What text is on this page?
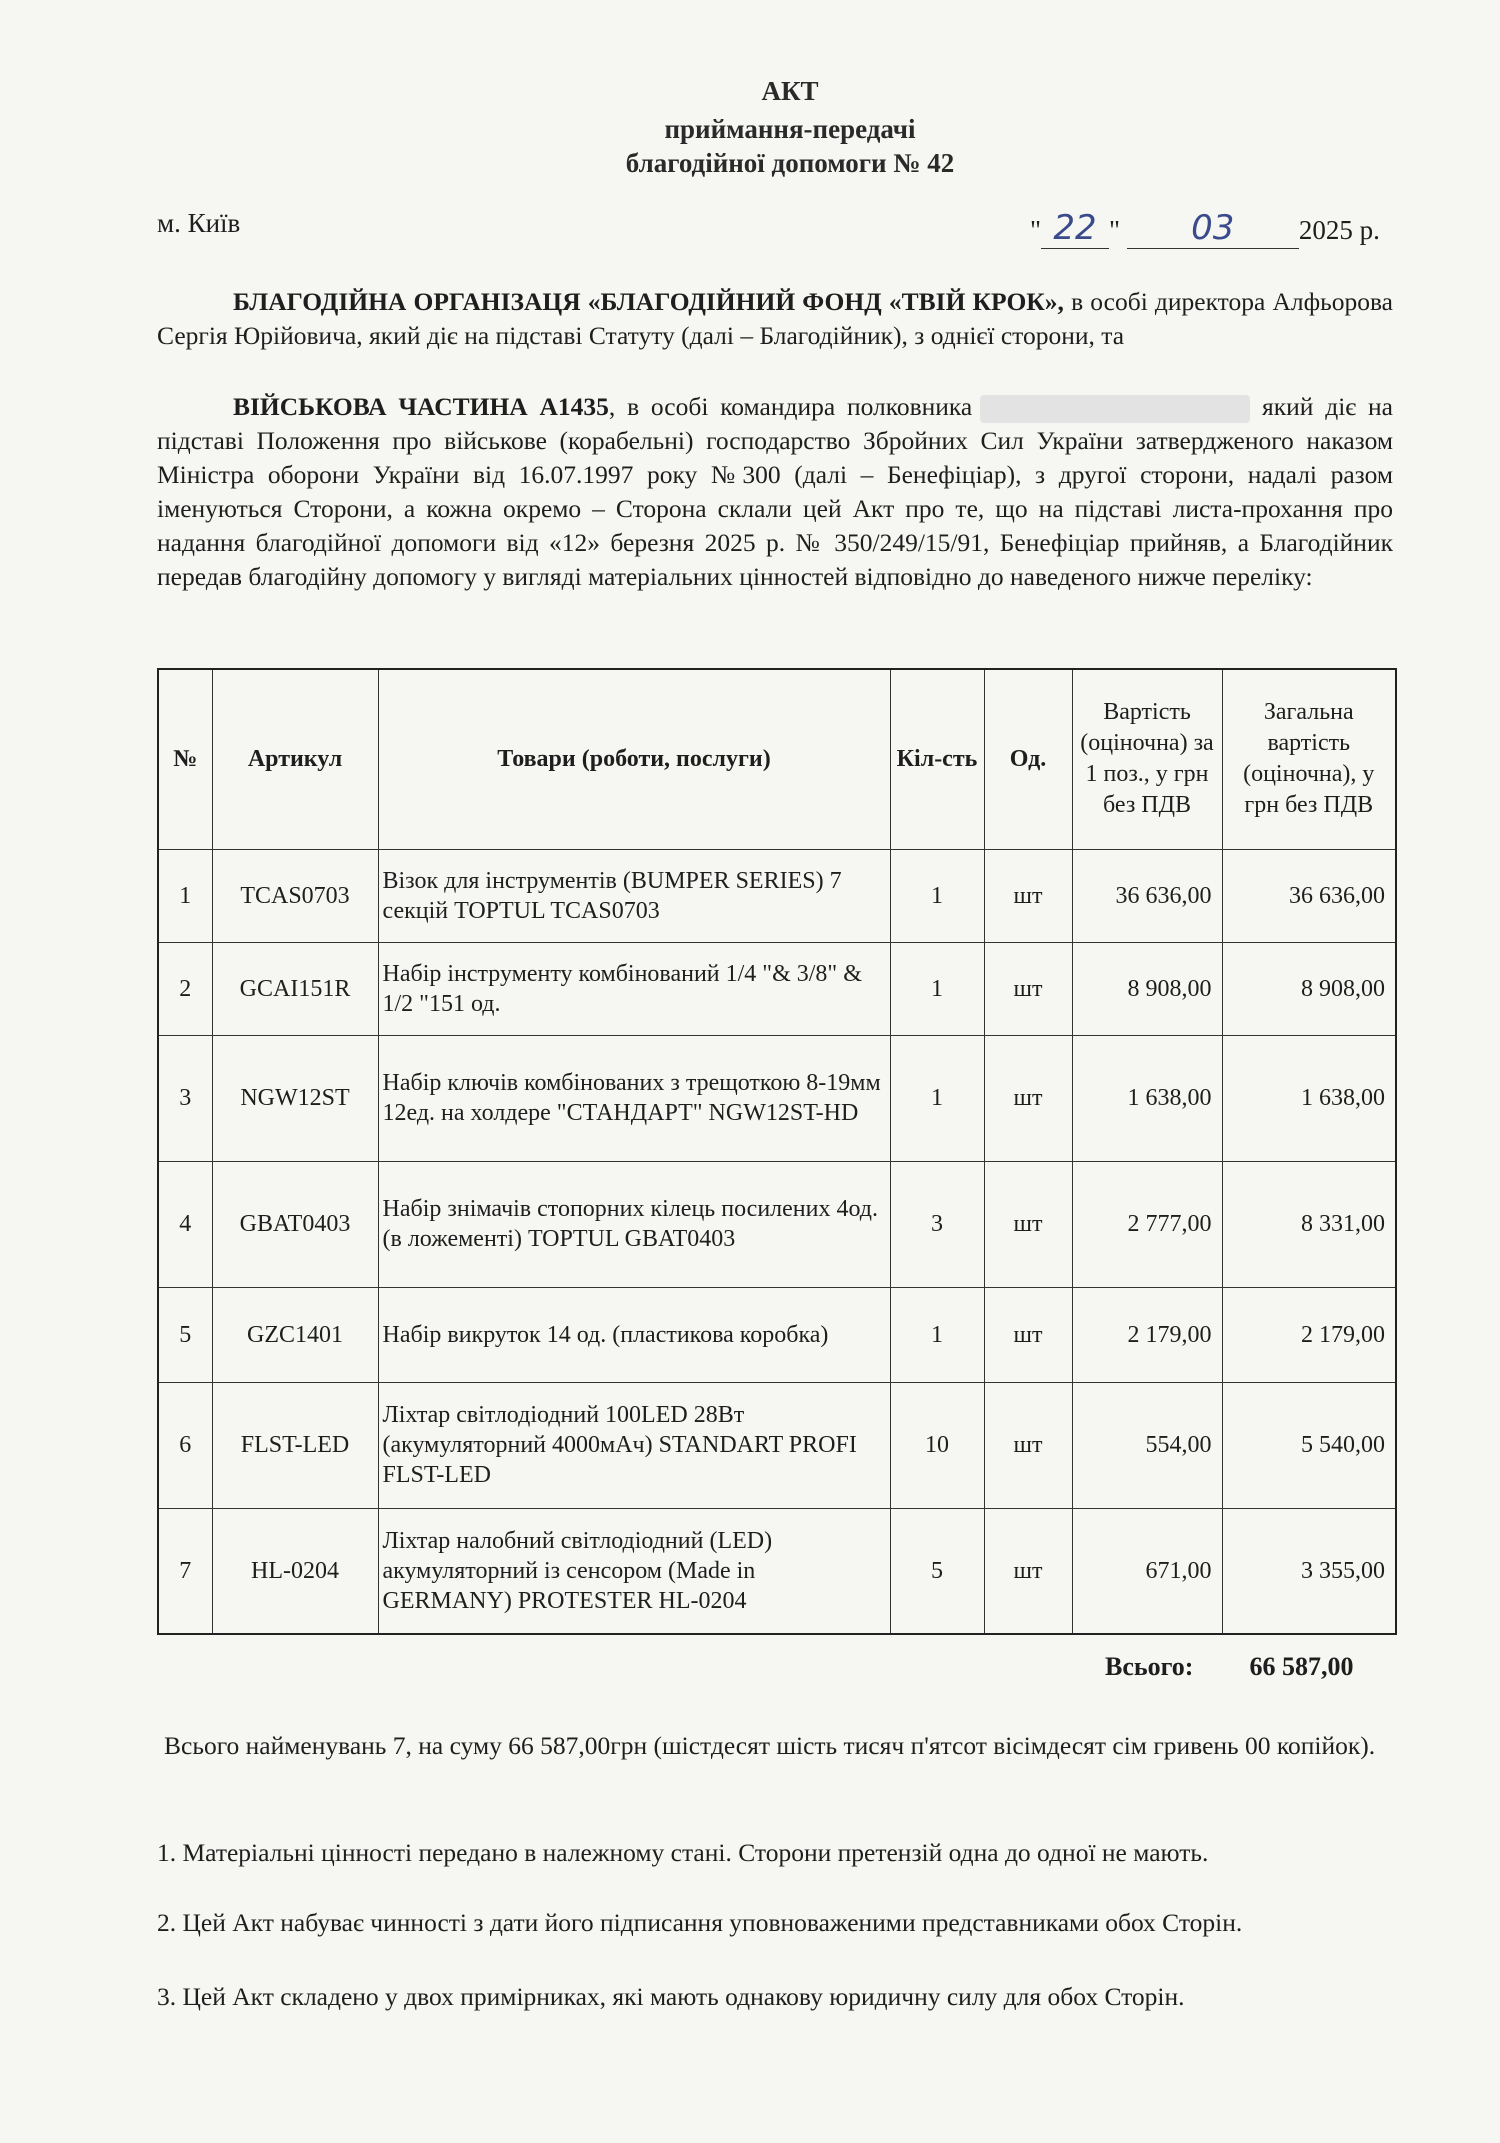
АКТ
приймання-передачі
благодійної допомоги № 42
м. Київ	" 22 " 03 2025 р.
БЛАГОДІЙНА ОРГАНІЗАЦЯ «БЛАГОДІЙНИЙ ФОНД «ТВІЙ КРОК», в особі директора Алфьорова Сергія Юрійовича, який діє на підставі Статуту (далі – Благодійник), з однієї сторони, та
ВІЙСЬКОВА ЧАСТИНА А1435, в особі командира полковника	який діє на підставі Положення про військове (корабельні) господарство Збройних Сил України затвердженого наказом Міністра оборони України від 16.07.1997 року №300 (далі – Бенефіціар), з другої сторони, надалі разом іменуються Сторони, а кожна окремо – Сторона склали цей Акт про те, що на підставі листа-прохання про надання благодійної допомоги від «12» березня 2025 р. № 350/249/15/91, Бенефіціар прийняв, а Благодійник передав благодійну допомогу у вигляді матеріальних цінностей відповідно до наведеного нижче переліку:
№	Артикул	Товари (роботи, послуги)	Кіл-сть	Од.	Вартість (оціночна) за 1 поз., у грн без ПДВ	Загальна вартість (оціночна), у грн без ПДВ
1	TCAS0703	Візок для інструментів (BUMPER SERIES) 7 секцій TOPTUL TCAS0703	1	шт	36 636,00	36 636,00
2	GCAI151R	Набір інструменту комбінований 1/4 "& 3/8" & 1/2 "151 од.	1	шт	8 908,00	8 908,00
3	NGW12ST	Набір ключів комбінованих з трещоткою 8-19мм 12ед. на холдере "СТАНДАРТ" NGW12ST-HD	1	шт	1 638,00	1 638,00
4	GBAT0403	Набір знімачів стопорних кілець посилених 4од. (в ложементі) TOPTUL GBAT0403	3	шт	2 777,00	8 331,00
5	GZC1401	Набір викруток 14 од. (пластикова коробка)	1	шт	2 179,00	2 179,00
6	FLST-LED	Ліхтар світлодіодний 100LED 28Вт (акумуляторний 4000мАч) STANDART PROFI FLST-LED	10	шт	554,00	5 540,00
7	HL-0204	Ліхтар налобний світлодіодний (LED) акумуляторний із сенсором (Made in GERMANY) PROTESTER HL-0204	5	шт	671,00	3 355,00
Всього: 66 587,00
Всього найменувань 7, на суму 66 587,00грн (шістдесят шість тисяч п'ятсот вісімдесят сім гривень 00 копійок).
1. Матеріальні цінності передано в належному стані. Сторони претензій одна до одної не мають.
2. Цей Акт набуває чинності з дати його підписання уповноваженими представниками обох Сторін.
3. Цей Акт складено у двох примірниках, які мають однакову юридичну силу для обох Сторін.
